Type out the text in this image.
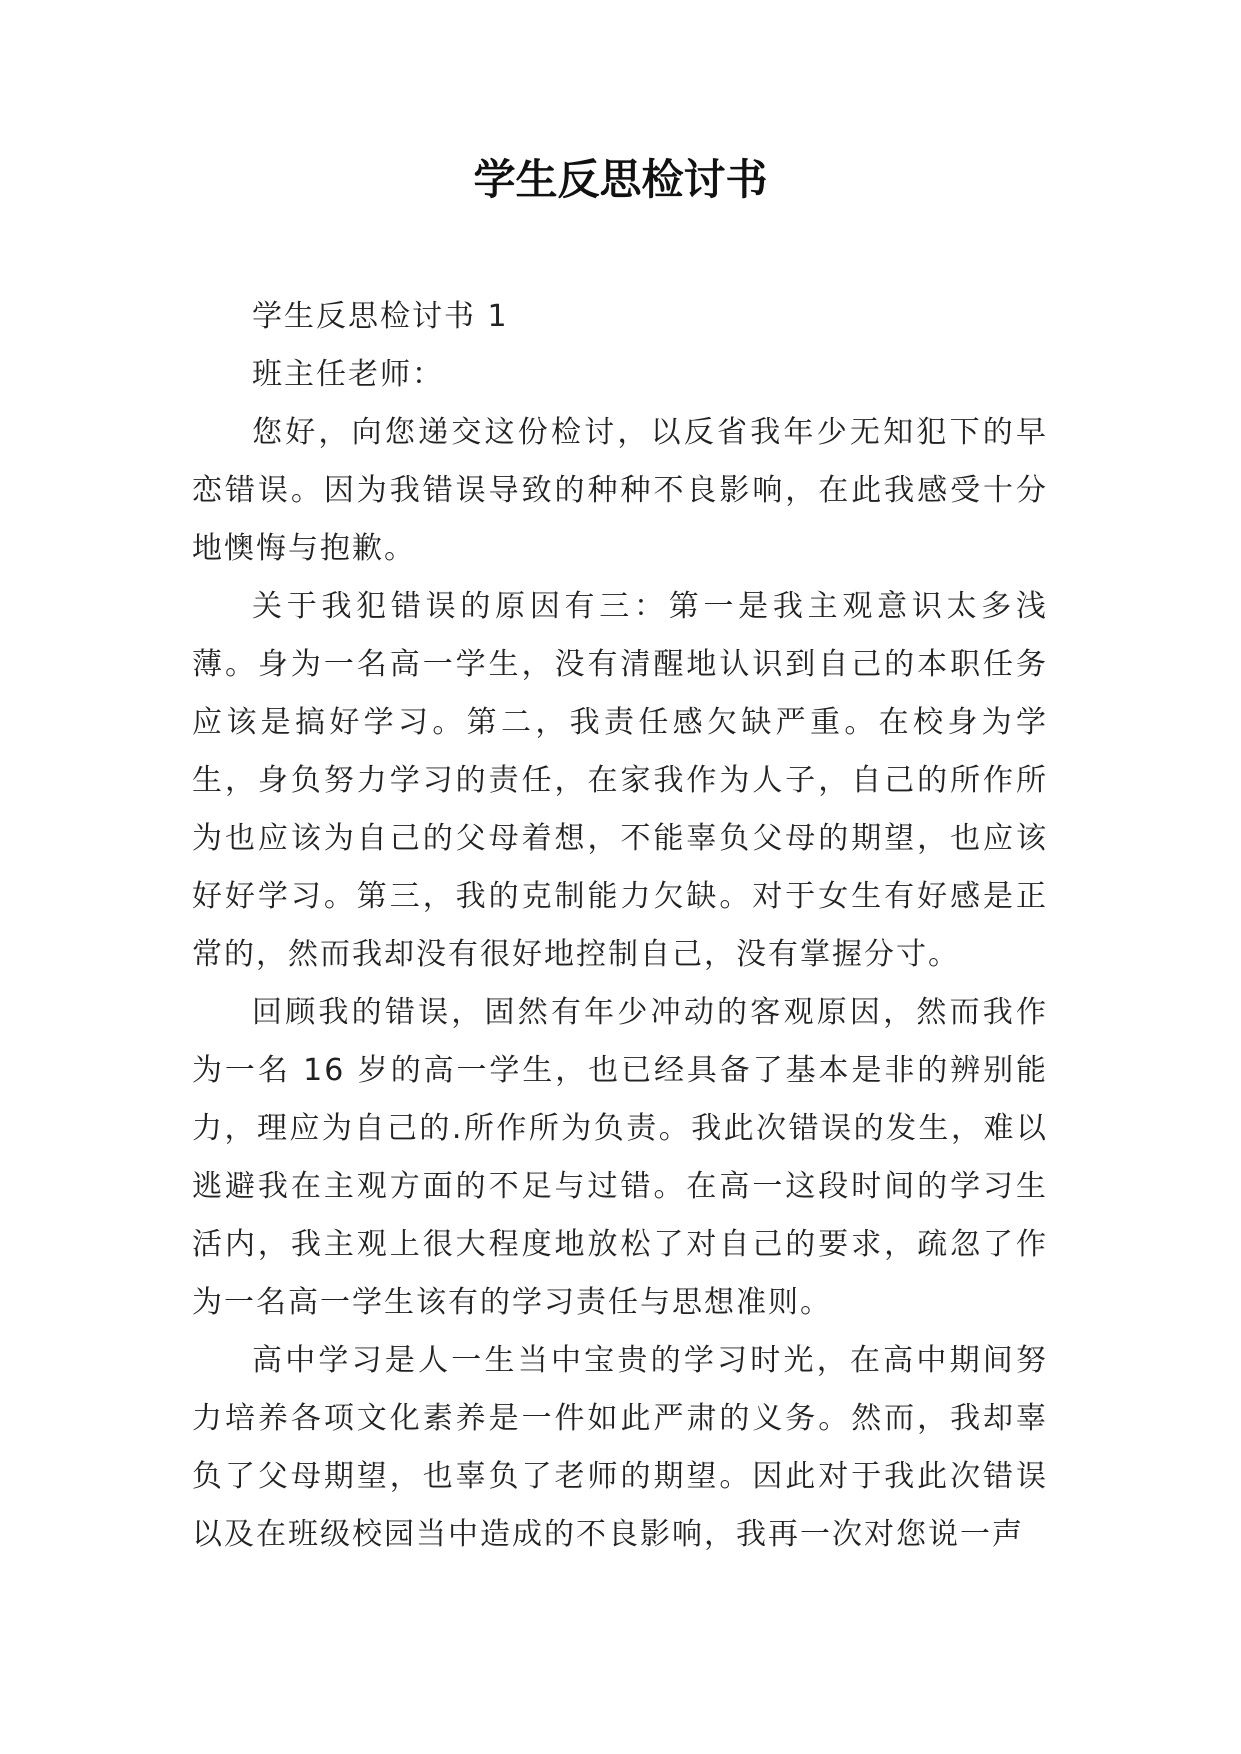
学生反思检讨书

学生反思检讨书 1

班主任老师：

您好，向您递交这份检讨，以反省我年少无知犯下的早恋错误。因为我错误导致的种种不良影响，在此我感受十分地懊悔与抱歉。

关于我犯错误的原因有三：第一是我主观意识太多浅薄。身为一名高一学生，没有清醒地认识到自己的本职任务应该是搞好学习。第二，我责任感欠缺严重。在校身为学生，身负努力学习的责任，在家我作为人子，自己的所作所为也应该为自己的父母着想，不能辜负父母的期望，也应该好好学习。第三，我的克制能力欠缺。对于女生有好感是正常的，然而我却没有很好地控制自己，没有掌握分寸。

回顾我的错误，固然有年少冲动的客观原因，然而我作为一名 16 岁的高一学生，也已经具备了基本是非的辨别能力，理应为自己的.所作所为负责。我此次错误的发生，难以逃避我在主观方面的不足与过错。在高一这段时间的学习生活内，我主观上很大程度地放松了对自己的要求，疏忽了作为一名高一学生该有的学习责任与思想准则。

高中学习是人一生当中宝贵的学习时光，在高中期间努力培养各项文化素养是一件如此严肃的义务。然而，我却辜负了父母期望，也辜负了老师的期望。因此对于我此次错误以及在班级校园当中造成的不良影响，我再一次对您说一声
